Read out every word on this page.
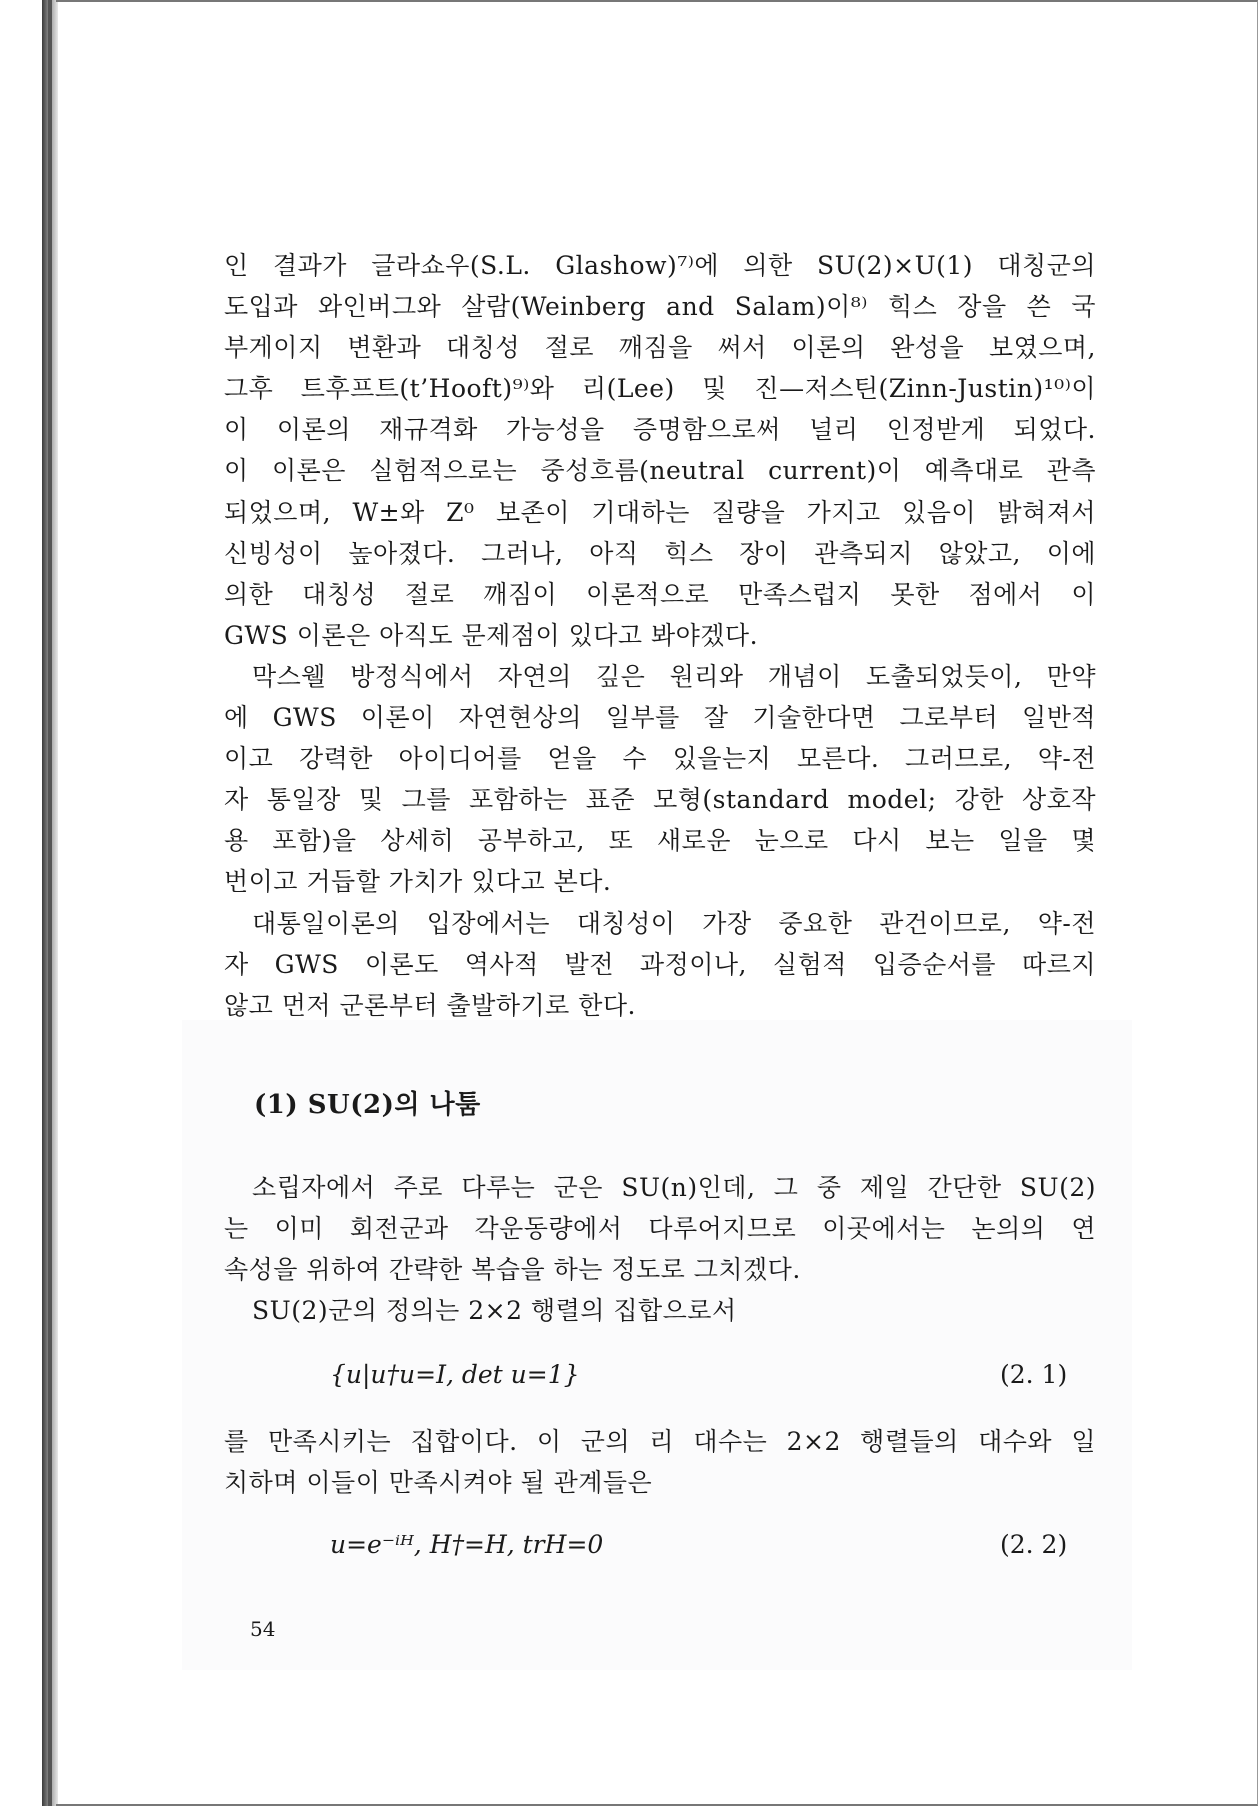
인 결과가 글라쇼우(S.L. Glashow)⁷⁾에 의한 SU(2)×U(1) 대칭군의
도입과 와인버그와 살람(Weinberg and Salam)이⁸⁾ 힉스 장을 쓴 국
부게이지 변환과 대칭성 절로 깨짐을 써서 이론의 완성을 보였으며,
그후 트후프트(t’Hooft)⁹⁾와 리(Lee) 및 진—저스틴(Zinn-Justin)¹⁰⁾이
이 이론의 재규격화 가능성을 증명함으로써 널리 인정받게 되었다.
이 이론은 실험적으로는 중성흐름(neutral current)이 예측대로 관측
되었으며, W±와 Z⁰ 보존이 기대하는 질량을 가지고 있음이 밝혀져서
신빙성이 높아졌다. 그러나, 아직 힉스 장이 관측되지 않았고, 이에
의한 대칭성 절로 깨짐이 이론적으로 만족스럽지 못한 점에서 이
GWS 이론은 아직도 문제점이 있다고 봐야겠다.

막스웰 방정식에서 자연의 깊은 원리와 개념이 도출되었듯이, 만약
에 GWS 이론이 자연현상의 일부를 잘 기술한다면 그로부터 일반적
이고 강력한 아이디어를 얻을 수 있을는지 모른다. 그러므로, 약-전
자 통일장 및 그를 포함하는 표준 모형(standard model; 강한 상호작
용 포함)을 상세히 공부하고, 또 새로운 눈으로 다시 보는 일을 몇
번이고 거듭할 가치가 있다고 본다.

대통일이론의 입장에서는 대칭성이 가장 중요한 관건이므로, 약-전
자 GWS 이론도 역사적 발전 과정이나, 실험적 입증순서를 따르지
않고 먼저 군론부터 출발하기로 한다.

(1) SU(2)의 나툼

소립자에서 주로 다루는 군은 SU(n)인데, 그 중 제일 간단한 SU(2)
는 이미 회전군과 각운동량에서 다루어지므로 이곳에서는 논의의 연
속성을 위하여 간략한 복습을 하는 정도로 그치겠다.

SU(2)군의 정의는 2×2 행렬의 집합으로서

{u|u†u=I, det u=1}	(2. 1)

를 만족시키는 집합이다. 이 군의 리 대수는 2×2 행렬들의 대수와 일
치하며 이들이 만족시켜야 될 관계들은

u=e⁻ⁱᴴ, H†=H, trH=0	(2. 2)
54
